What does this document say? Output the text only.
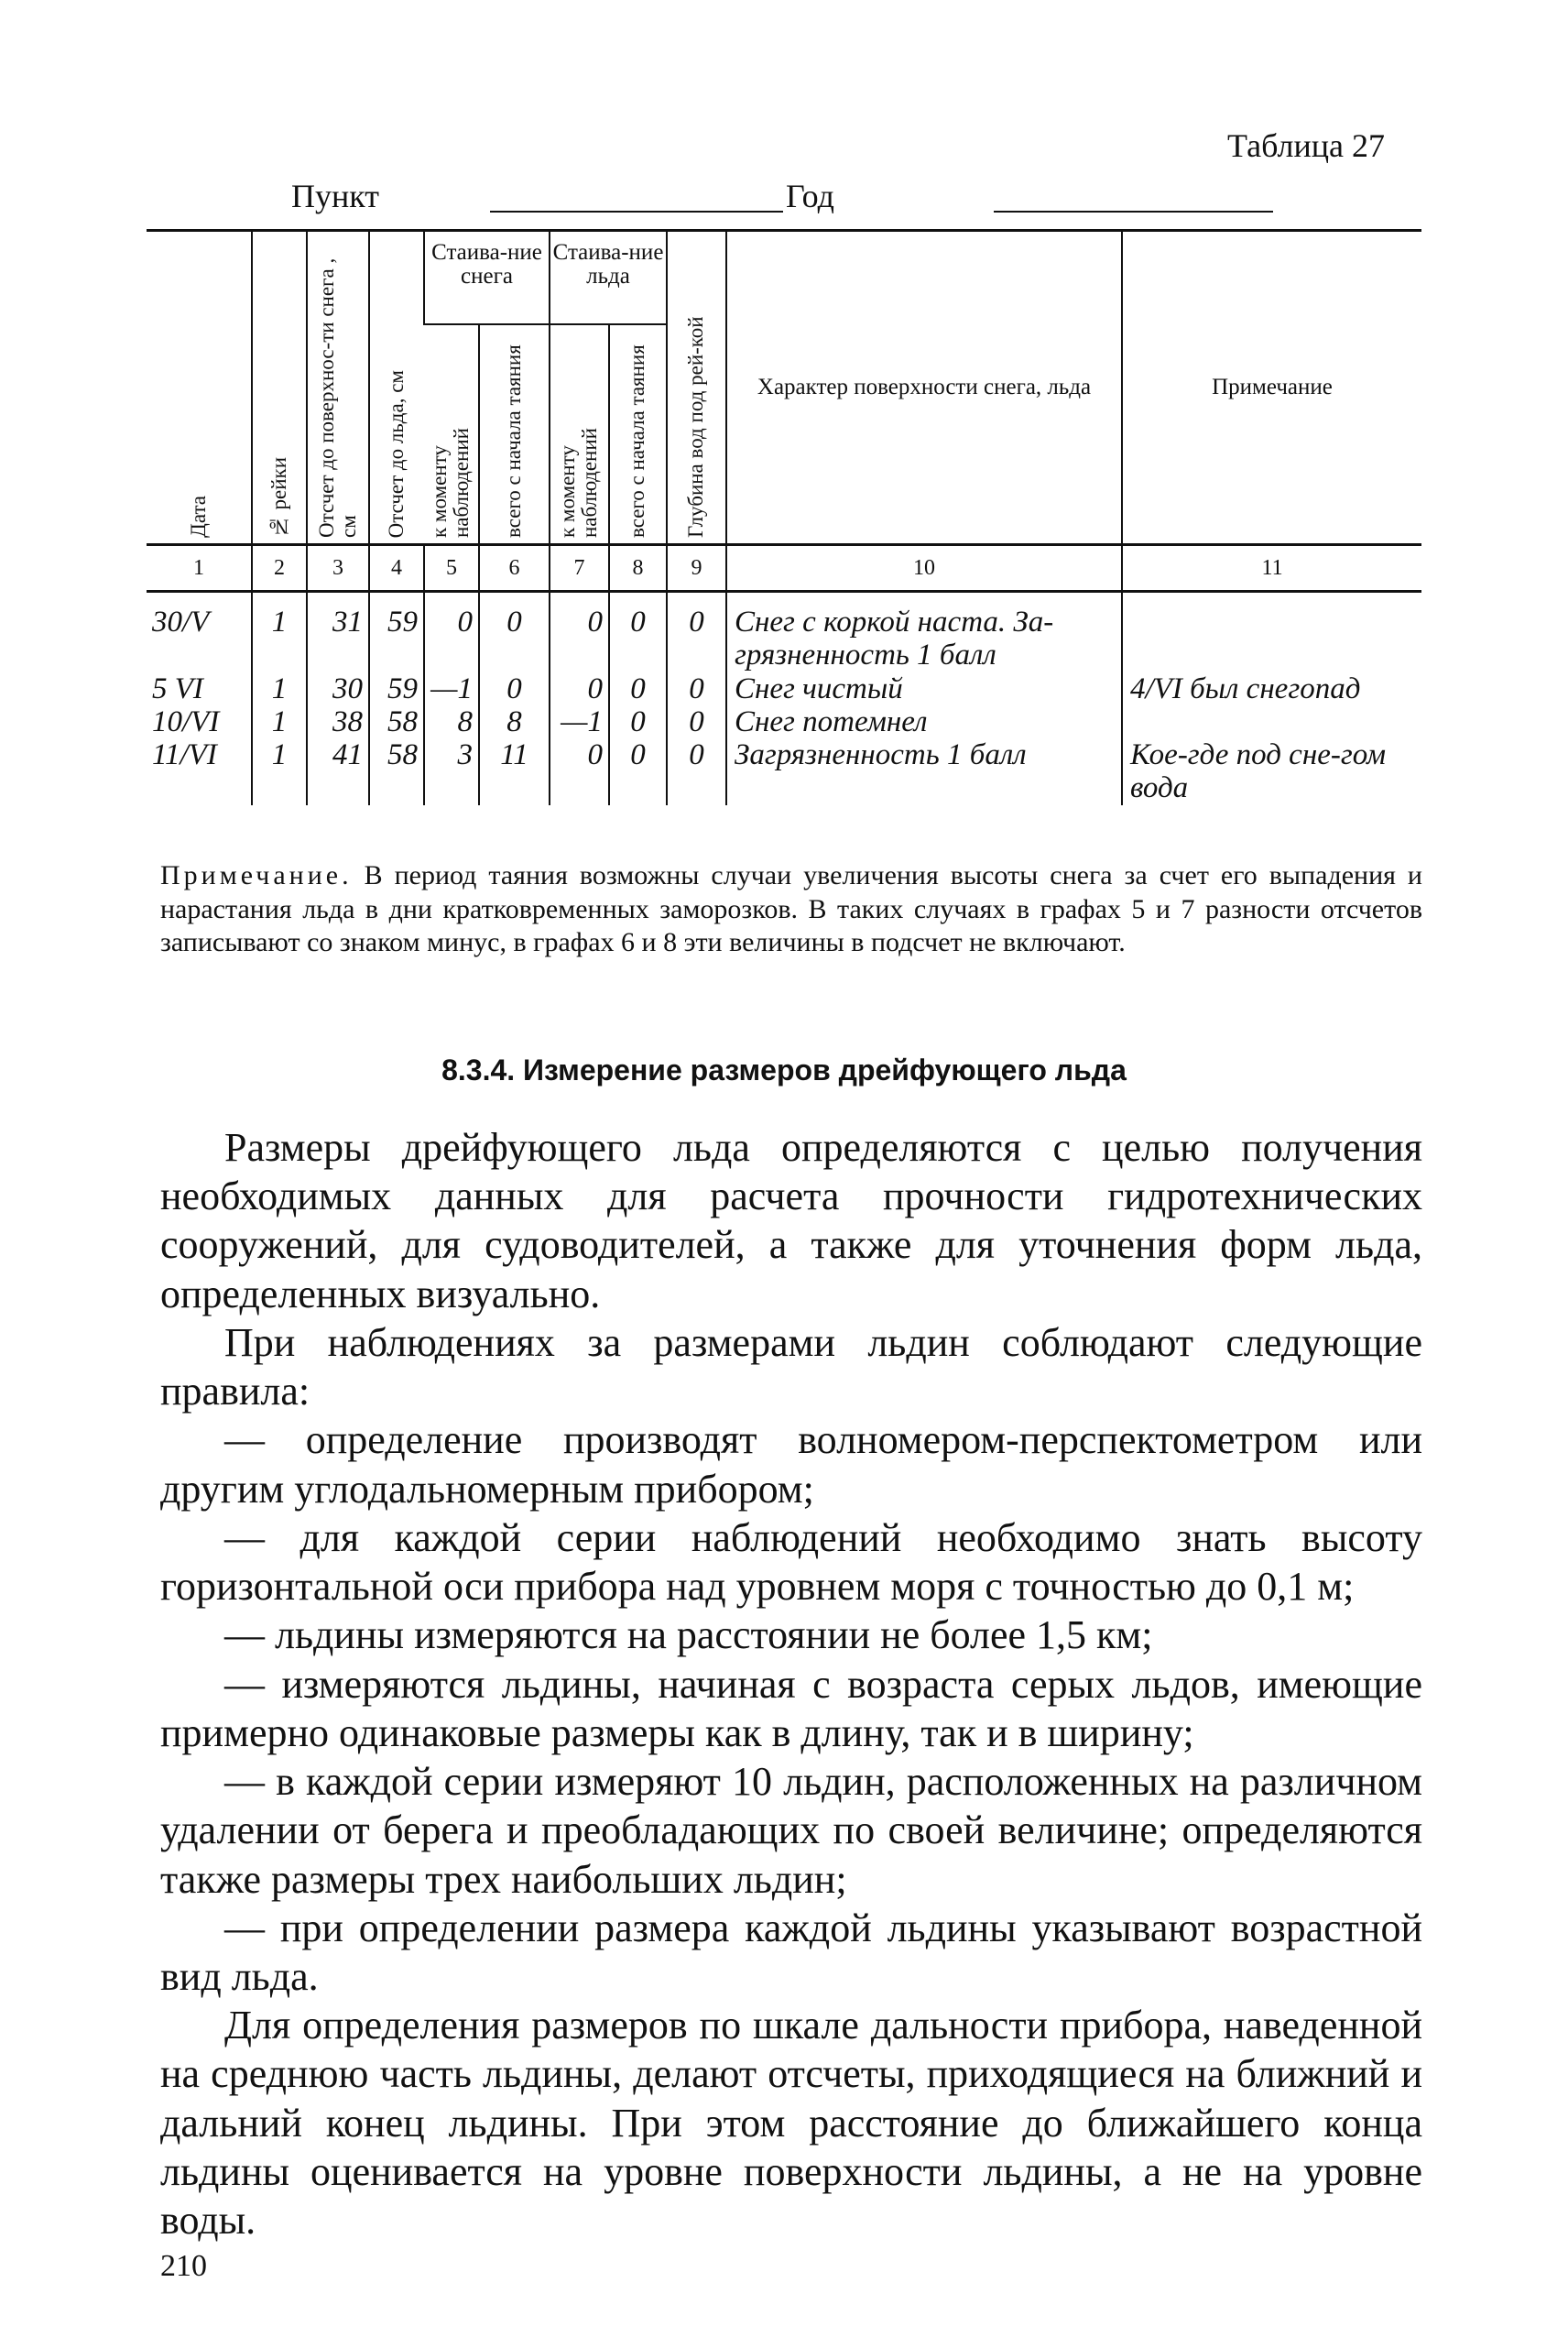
Таблица 27
Пункт	Год
Дата	№ рейки	Отсчет до поверхнос-ти снега , см	Отсчет до льда, см	Стаива-ние снега		Стаива-ние льда		Глубина вод под рей-кой	Характер поверхности снега, льда	Примечание

				к моменту наблюдений	всего с начала таяния	к моменту наблюдений	всего с начала таяния			

1	2	3	4	5	6	7	8	9	10	11
30/V	1	31	59	0	0	0	0	0	Снег с коркой наста. За-грязненность 1 балл	
5 VI	1	30	59	—1	0	0	0	0	Снег чистый	4/VI был снегопад
10/VI	1	38	58	8	8	—1	0	0	Снег потемнел	
11/VI	1	41	58	3	11	0	0	0	Загрязненность 1 балл	Кое-где под сне-гом вода
Примечание. В период таяния возможны случаи увеличения высоты снега за счет его выпадения и нарастания льда в дни кратковременных заморозков. В таких случаях в графах 5 и 7 разности отсчетов записывают со знаком минус, в графах 6 и 8 эти величины в подсчет не включают.
8.3.4. Измерение размеров дрейфующего льда

Размеры дрейфующего льда определяются с целью получения необходимых данных для расчета прочности гидротехнических сооружений, для судоводителей, а также для уточнения форм льда, определенных визуально.

При наблюдениях за размерами льдин соблюдают следующие правила:

— определение производят волномером-перспектометром или другим углодальномерным прибором;

— для каждой серии наблюдений необходимо знать высоту горизонтальной оси прибора над уровнем моря с точностью до 0,1 м;

— льдины измеряются на расстоянии не более 1,5 км;

— измеряются льдины, начиная с возраста серых льдов, имеющие примерно одинаковые размеры как в длину, так и в ширину;

— в каждой серии измеряют 10 льдин, расположенных на различном удалении от берега и преобладающих по своей величине; определяются также размеры трех наибольших льдин;

— при определении размера каждой льдины указывают возрастной вид льда.

Для определения размеров по шкале дальности прибора, наведенной на среднюю часть льдины, делают отсчеты, приходящиеся на ближний и дальний конец льдины. При этом расстояние до ближайшего конца льдины оценивается на уровне поверхности льдины, а не на уровне воды.

210
